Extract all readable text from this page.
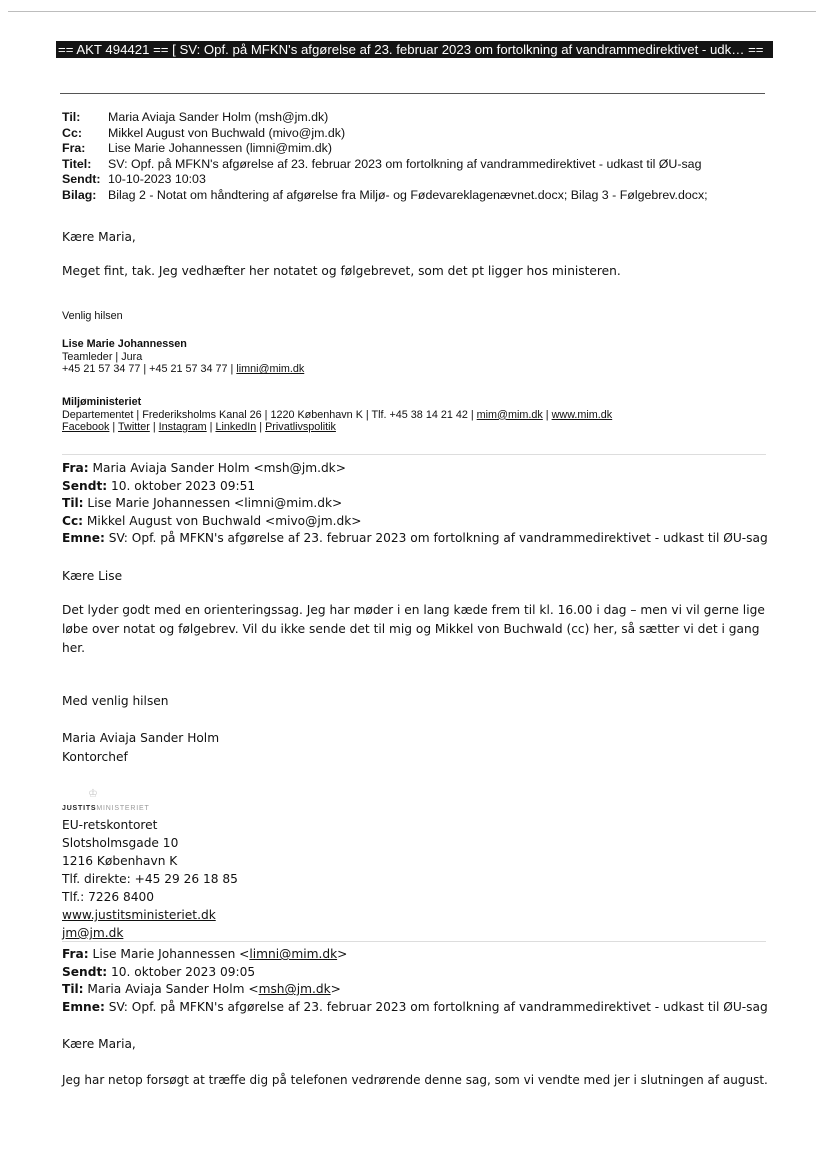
== AKT 494421 == [ SV: Opf. på MFKN's afgørelse af 23. februar 2023 om fortolkning af vandrammedirektivet - udk… ==
Til:	Maria Aviaja Sander Holm (msh@jm.dk)
Cc:	Mikkel August von Buchwald (mivo@jm.dk)
Fra:	Lise Marie Johannessen (limni@mim.dk)
Titel:	SV: Opf. på MFKN's afgørelse af 23. februar 2023 om fortolkning af vandrammedirektivet - udkast til ØU-sag
Sendt: 10-10-2023 10:03
Bilag: Bilag 2 - Notat om håndtering af afgørelse fra Miljø- og Fødevareklagenævnet.docx; Bilag 3 - Følgebrev.docx;
Kære Maria,
Meget fint, tak. Jeg vedhæfter her notatet og følgebrevet, som det pt ligger hos ministeren.
Venlig hilsen
Lise Marie Johannessen
Teamleder | Jura
+45 21 57 34 77 | +45 21 57 34 77 | limni@mim.dk
Miljøministeriet
Departementet | Frederiksholms Kanal 26 | 1220 København K | Tlf. +45 38 14 21 42 | mim@mim.dk | www.mim.dk
Facebook | Twitter | Instagram | LinkedIn | Privatlivspolitik
Fra: Maria Aviaja Sander Holm <msh@jm.dk>
Sendt: 10. oktober 2023 09:51
Til: Lise Marie Johannessen <limni@mim.dk>
Cc: Mikkel August von Buchwald <mivo@jm.dk>
Emne: SV: Opf. på MFKN's afgørelse af 23. februar 2023 om fortolkning af vandrammedirektivet - udkast til ØU-sag
Kære Lise
Det lyder godt med en orienteringssag. Jeg har møder i en lang kæde frem til kl. 16.00 i dag – men vi vil gerne lige
løbe over notat og følgebrev. Vil du ikke sende det til mig og Mikkel von Buchwald (cc) her, så sætter vi det i gang
her.
Med venlig hilsen
Maria Aviaja Sander Holm
Kontorchef
♔
JUSTITSMINISTERIET
EU-retskontoret
Slotsholmsgade 10
1216 København K
Tlf. direkte: +45 29 26 18 85
Tlf.: 7226 8400
www.justitsministeriet.dk
jm@jm.dk
Fra: Lise Marie Johannessen <limni@mim.dk>
Sendt: 10. oktober 2023 09:05
Til: Maria Aviaja Sander Holm <msh@jm.dk>
Emne: SV: Opf. på MFKN's afgørelse af 23. februar 2023 om fortolkning af vandrammedirektivet - udkast til ØU-sag
Kære Maria,
Jeg har netop forsøgt at træffe dig på telefonen vedrørende denne sag, som vi vendte med jer i slutningen af august.
